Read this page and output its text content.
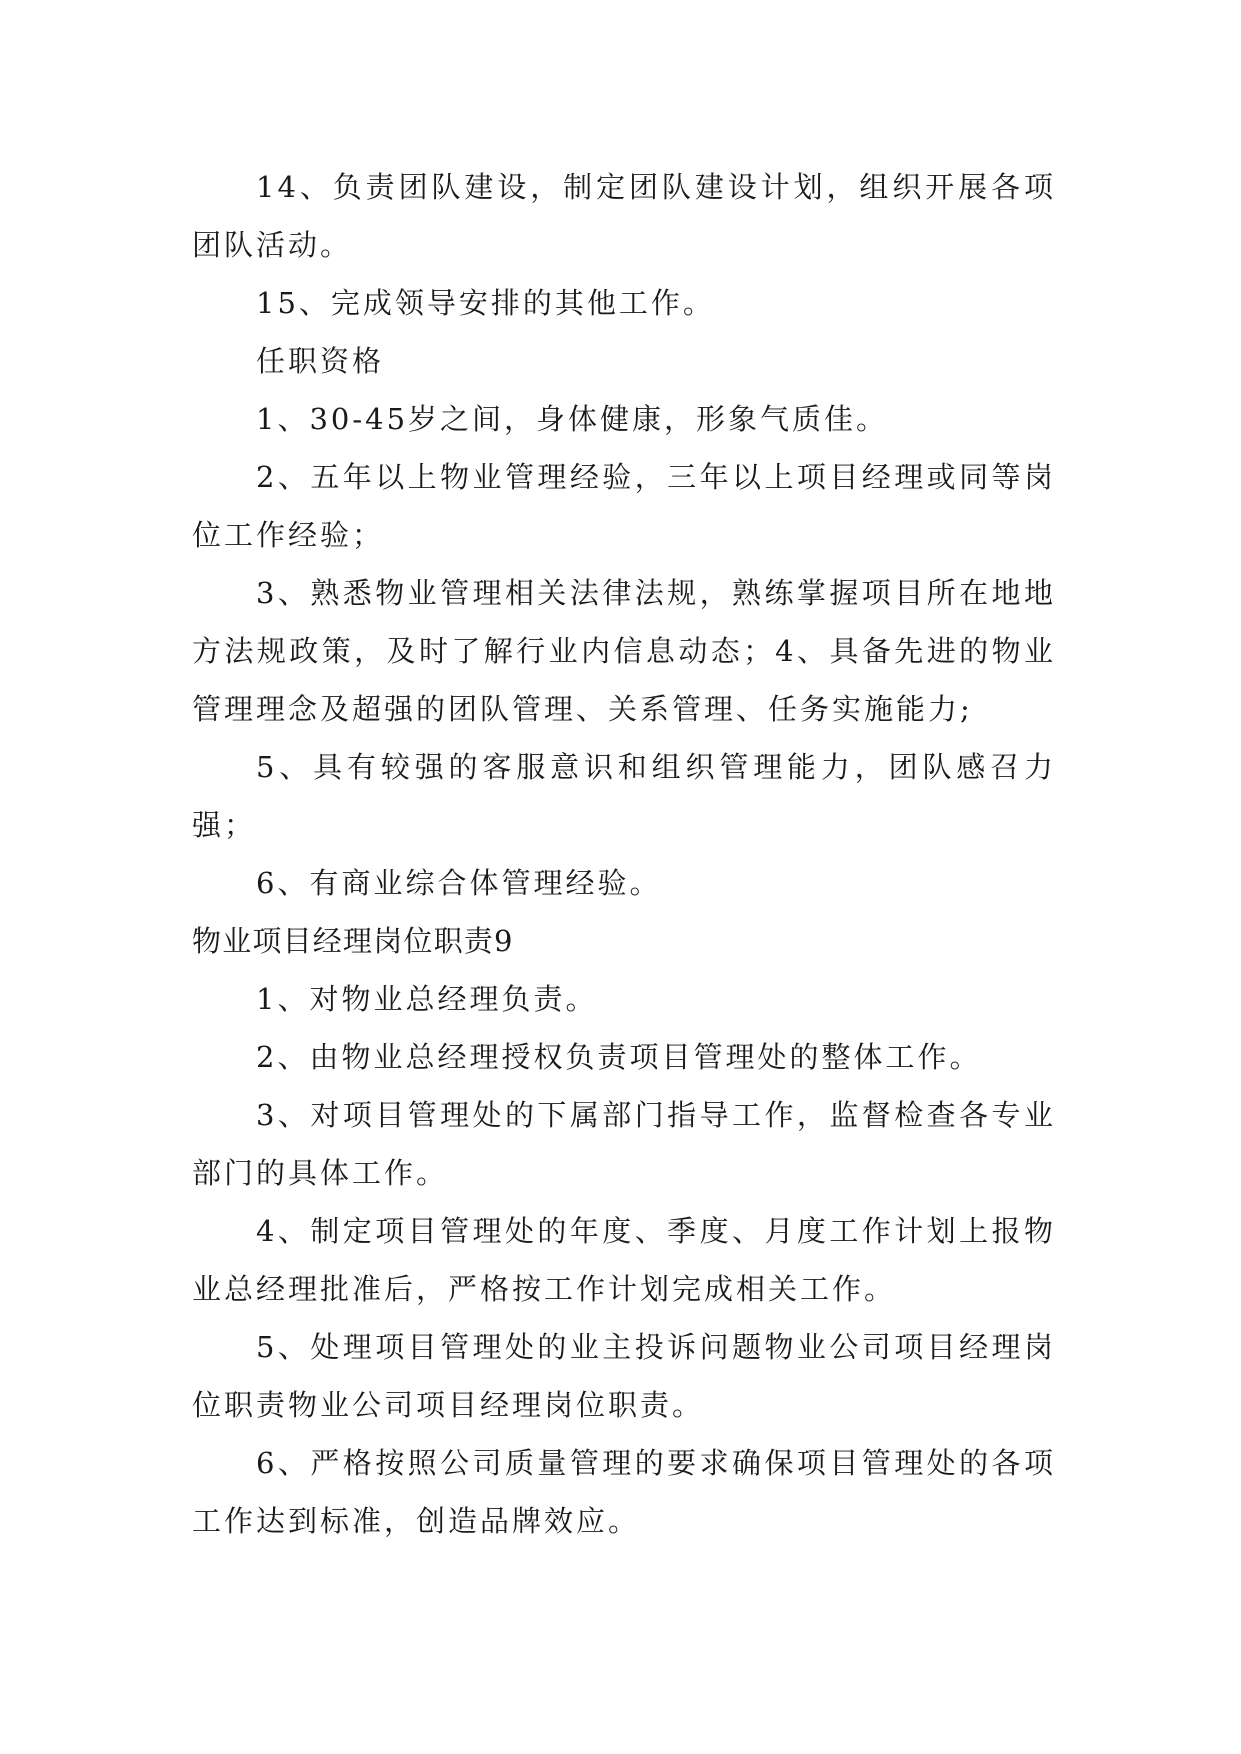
14、负责团队建设，制定团队建设计划，组织开展各项团队活动。

15、完成领导安排的其他工作。

任职资格

1、30-45岁之间，身体健康，形象气质佳。

2、五年以上物业管理经验，三年以上项目经理或同等岗位工作经验；

3、熟悉物业管理相关法律法规，熟练掌握项目所在地地方法规政策，及时了解行业内信息动态；4、具备先进的物业管理理念及超强的团队管理、关系管理、任务实施能力;

5、具有较强的客服意识和组织管理能力，团队感召力强；

6、有商业综合体管理经验。

物业项目经理岗位职责9

1、对物业总经理负责。

2、由物业总经理授权负责项目管理处的整体工作。

3、对项目管理处的下属部门指导工作，监督检查各专业部门的具体工作。

4、制定项目管理处的年度、季度、月度工作计划上报物业总经理批准后，严格按工作计划完成相关工作。

5、处理项目管理处的业主投诉问题物业公司项目经理岗位职责物业公司项目经理岗位职责。

6、严格按照公司质量管理的要求确保项目管理处的各项工作达到标准，创造品牌效应。
